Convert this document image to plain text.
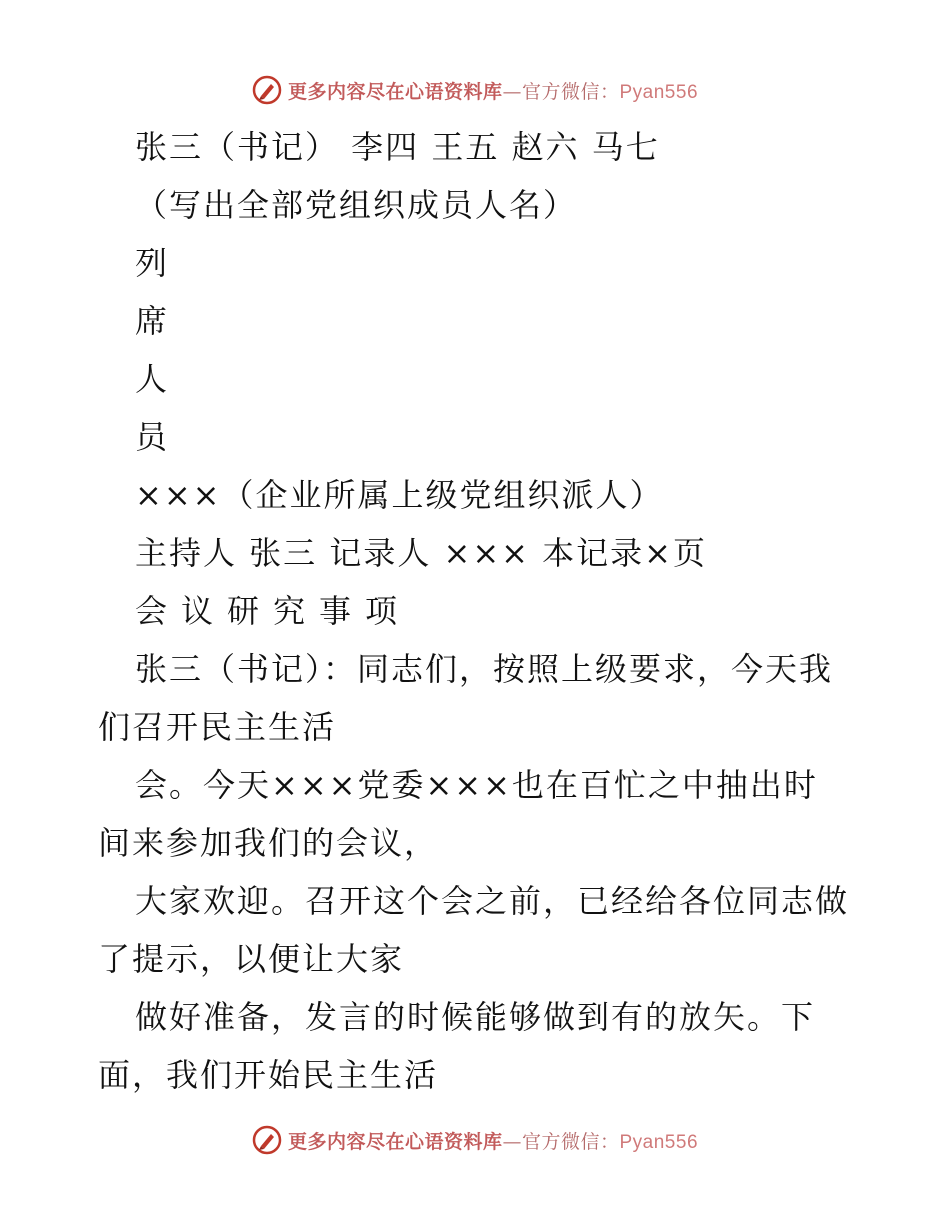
更多内容尽在心语资料库—官方微信：Pyan556
张三（书记） 李四 王五 赵六 马七
（写出全部党组织成员人名）
列
席
人
员
×××（企业所属上级党组织派人）
主持人 张三 记录人 ××× 本记录×页
会议研究事项
张三（书记）：同志们，按照上级要求，今天我
们召开民主生活
会。今天×××党委×××也在百忙之中抽出时
间来参加我们的会议，
大家欢迎。召开这个会之前，已经给各位同志做
了提示，以便让大家
做好准备，发言的时候能够做到有的放矢。下
面，我们开始民主生活
更多内容尽在心语资料库—官方微信：Pyan556
